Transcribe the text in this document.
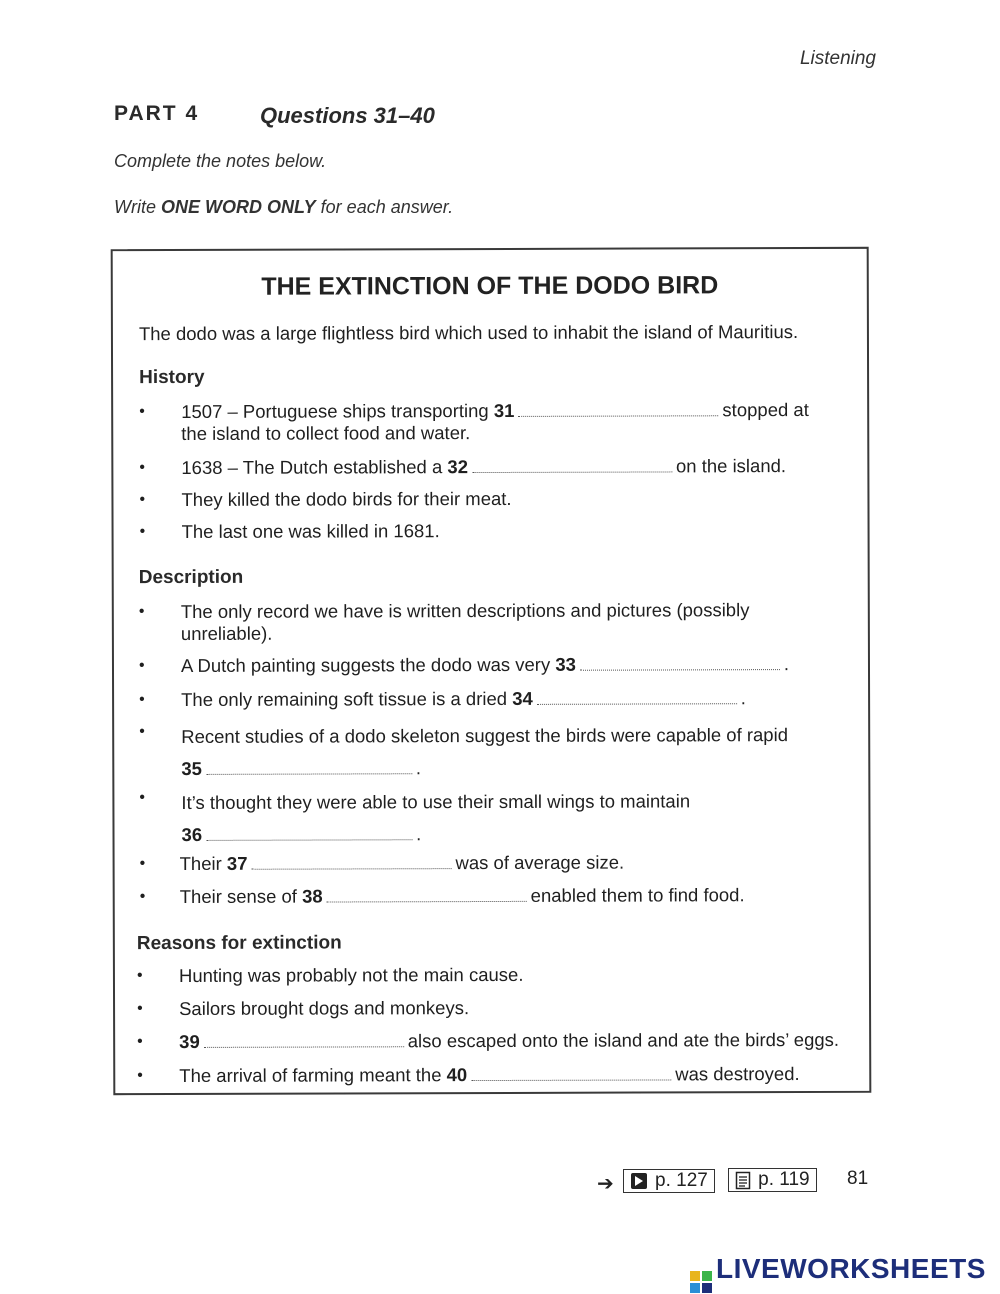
Listening
PART 4	Questions 31–40
Complete the notes below.
Write ONE WORD ONLY for each answer.
THE EXTINCTION OF THE DODO BIRD
The dodo was a large flightless bird which used to inhabit the island of Mauritius.
History
• 1507 – Portuguese ships transporting 31	stopped at
the island to collect food and water.
• 1638 – The Dutch established a 32	on the island.
• They killed the dodo birds for their meat.
• The last one was killed in 1681.
Description
• The only record we have is written descriptions and pictures (possibly
unreliable).
• A Dutch painting suggests the dodo was very 33	.
• The only remaining soft tissue is a dried 34	.
• Recent studies of a dodo skeleton suggest the birds were capable of rapid
35	.
• It’s thought they were able to use their small wings to maintain
36	.
• Their 37	was of average size.
• Their sense of 38	enabled them to find food.
Reasons for extinction
• Hunting was probably not the main cause.
• Sailors brought dogs and monkeys.
• 39	also escaped onto the island and ate the birds’ eggs.
• The arrival of farming meant the 40	was destroyed.
➔ p. 127
	p. 119 81
LIVEWORKSHEETS
